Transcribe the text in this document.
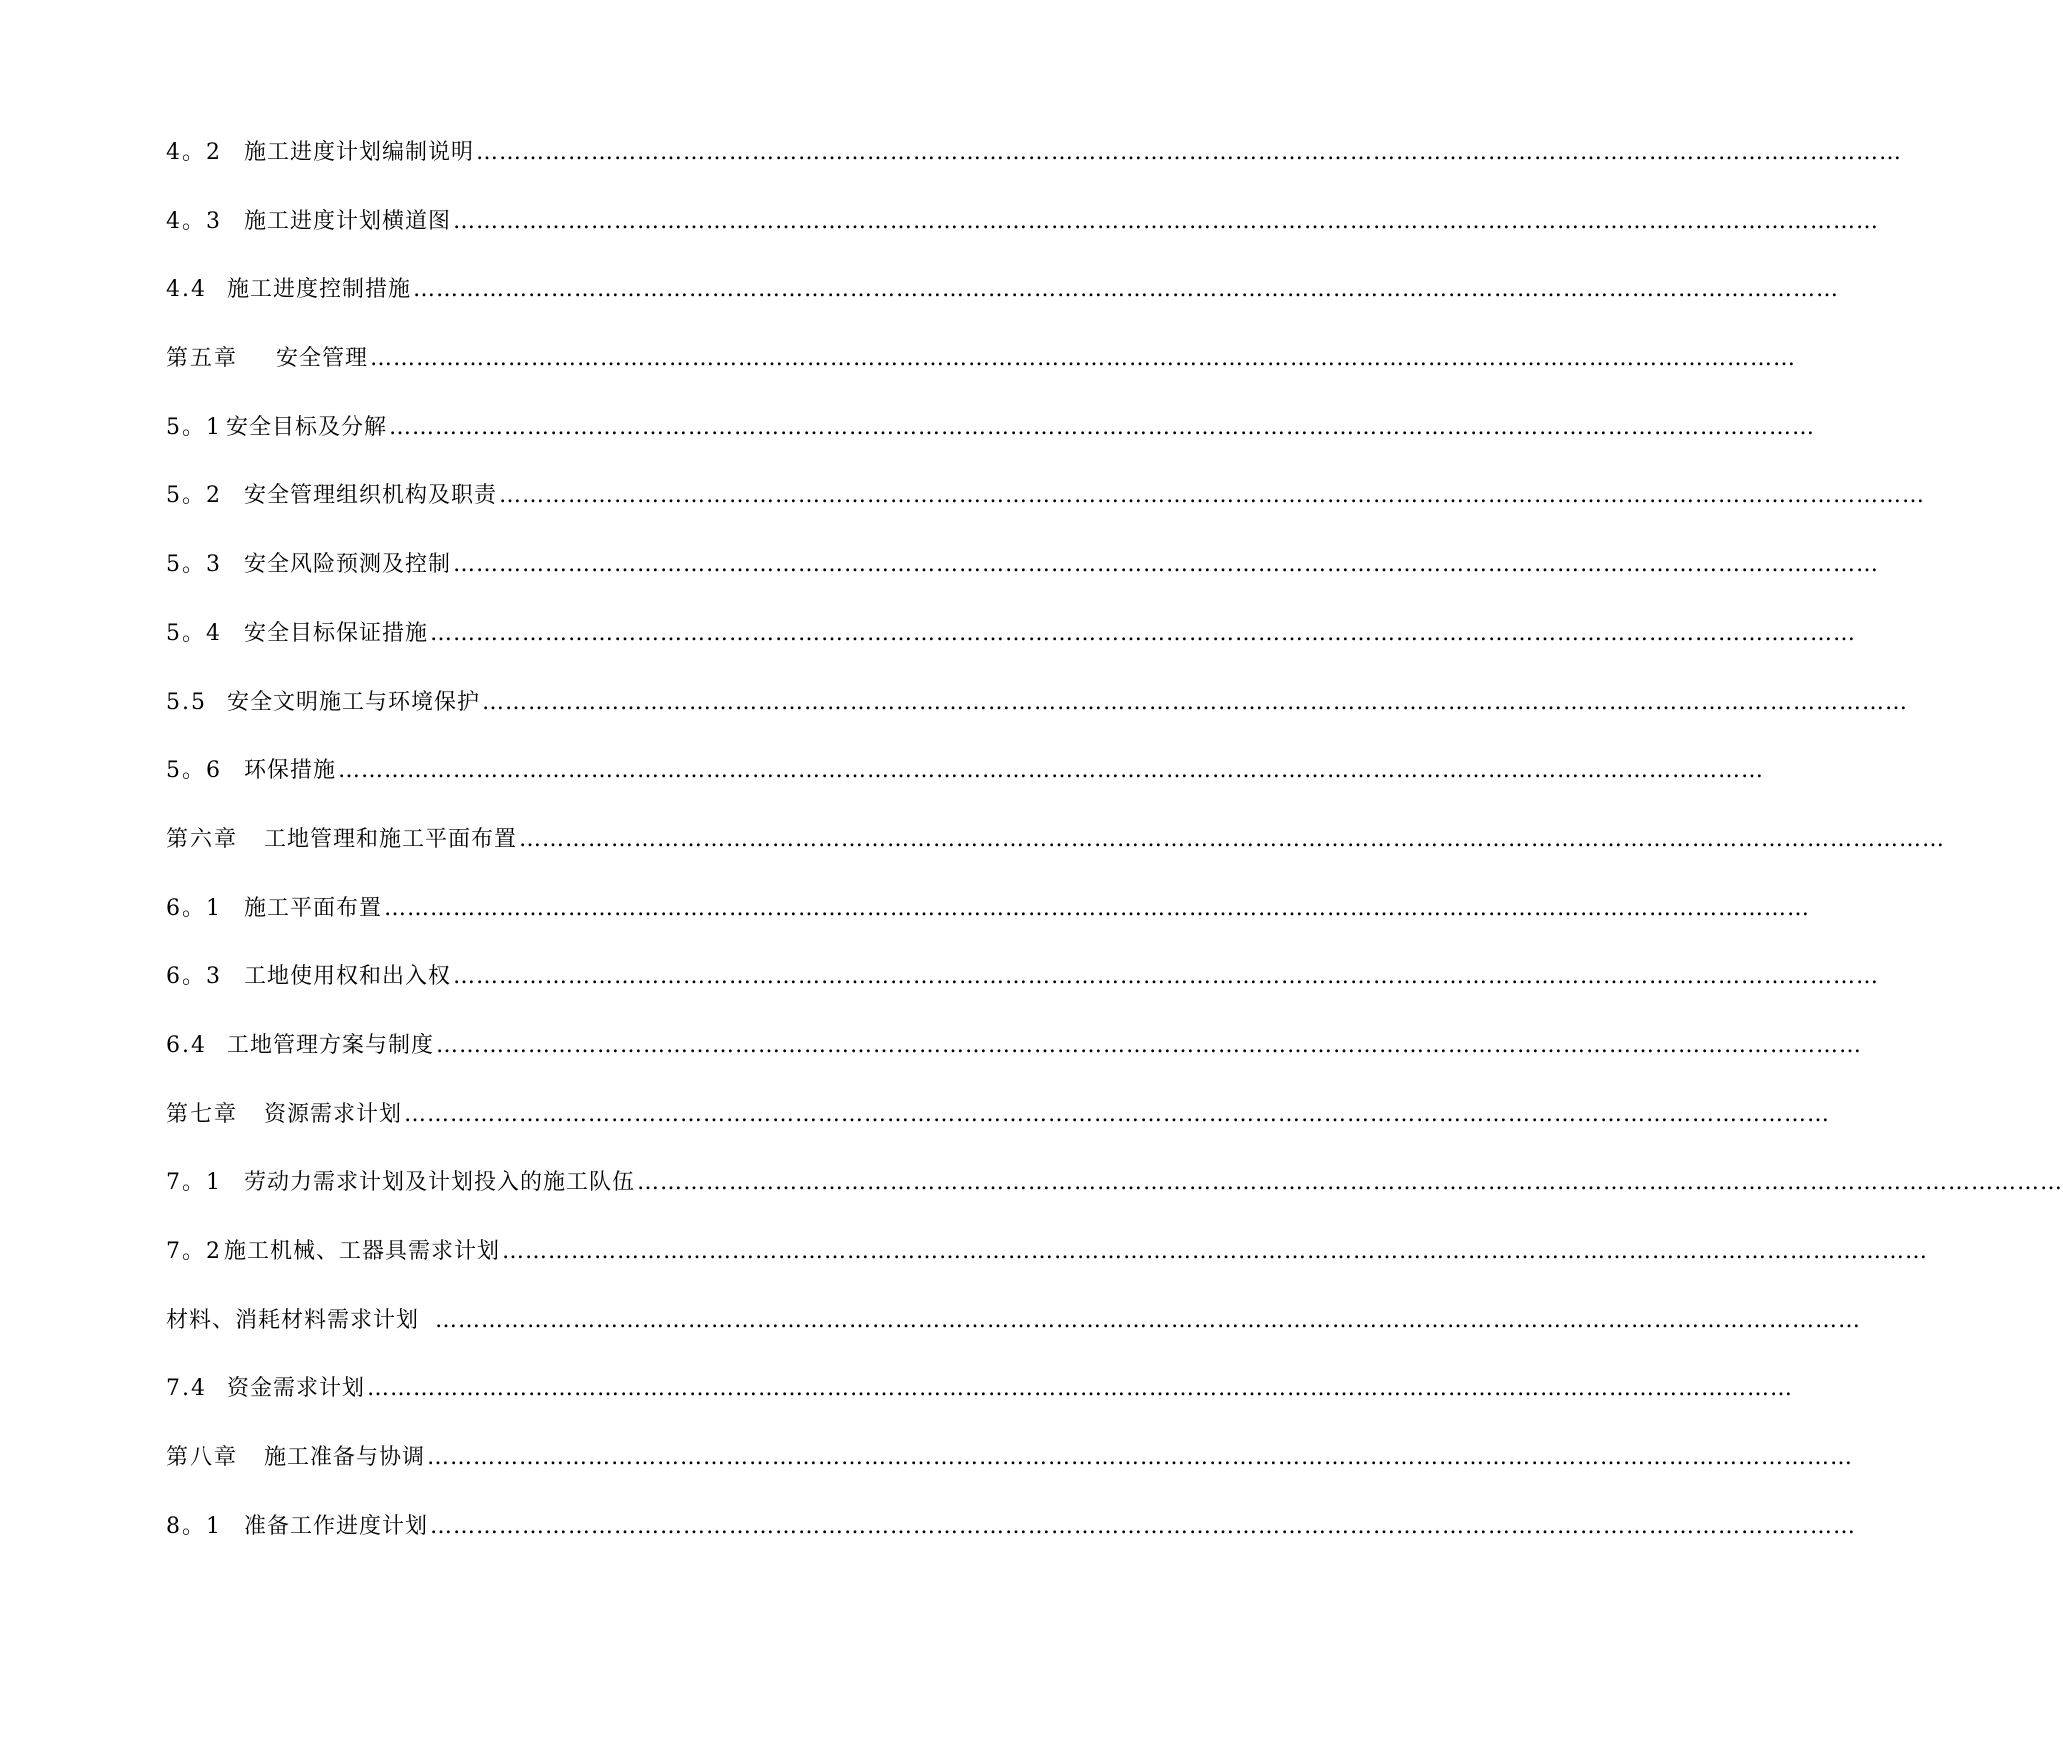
4。2 施工进度计划编制说明 ……………………………………………………………………………………………………………………………………………………………………
4。3 施工进度计划横道图 ……………………………………………………………………………………………………………………………………………………………………
4.4 施工进度控制措施 ……………………………………………………………………………………………………………………………………………………………………
第五章 安全管理 ……………………………………………………………………………………………………………………………………………………………………
5。1 安全目标及分解 ……………………………………………………………………………………………………………………………………………………………………
5。2 安全管理组织机构及职责 ……………………………………………………………………………………………………………………………………………………………………
5。3 安全风险预测及控制 ……………………………………………………………………………………………………………………………………………………………………
5。4 安全目标保证措施 ……………………………………………………………………………………………………………………………………………………………………
5.5 安全文明施工与环境保护 ……………………………………………………………………………………………………………………………………………………………………
5。6 环保措施 ……………………………………………………………………………………………………………………………………………………………………
第六章 工地管理和施工平面布置 ……………………………………………………………………………………………………………………………………………………………………
6。1 施工平面布置 ……………………………………………………………………………………………………………………………………………………………………
6。3 工地使用权和出入权 ……………………………………………………………………………………………………………………………………………………………………
6.4 工地管理方案与制度 ……………………………………………………………………………………………………………………………………………………………………
第七章 资源需求计划 ……………………………………………………………………………………………………………………………………………………………………
7。1 劳动力需求计划及计划投入的施工队伍 ……………………………………………………………………………………………………………………………………………………………………
7。2 施工机械、工器具需求计划 ……………………………………………………………………………………………………………………………………………………………………
材料、消耗材料需求计划 ……………………………………………………………………………………………………………………………………………………………………
7.4 资金需求计划 ……………………………………………………………………………………………………………………………………………………………………
第八章 施工准备与协调 ……………………………………………………………………………………………………………………………………………………………………
8。1 准备工作进度计划 ……………………………………………………………………………………………………………………………………………………………………
